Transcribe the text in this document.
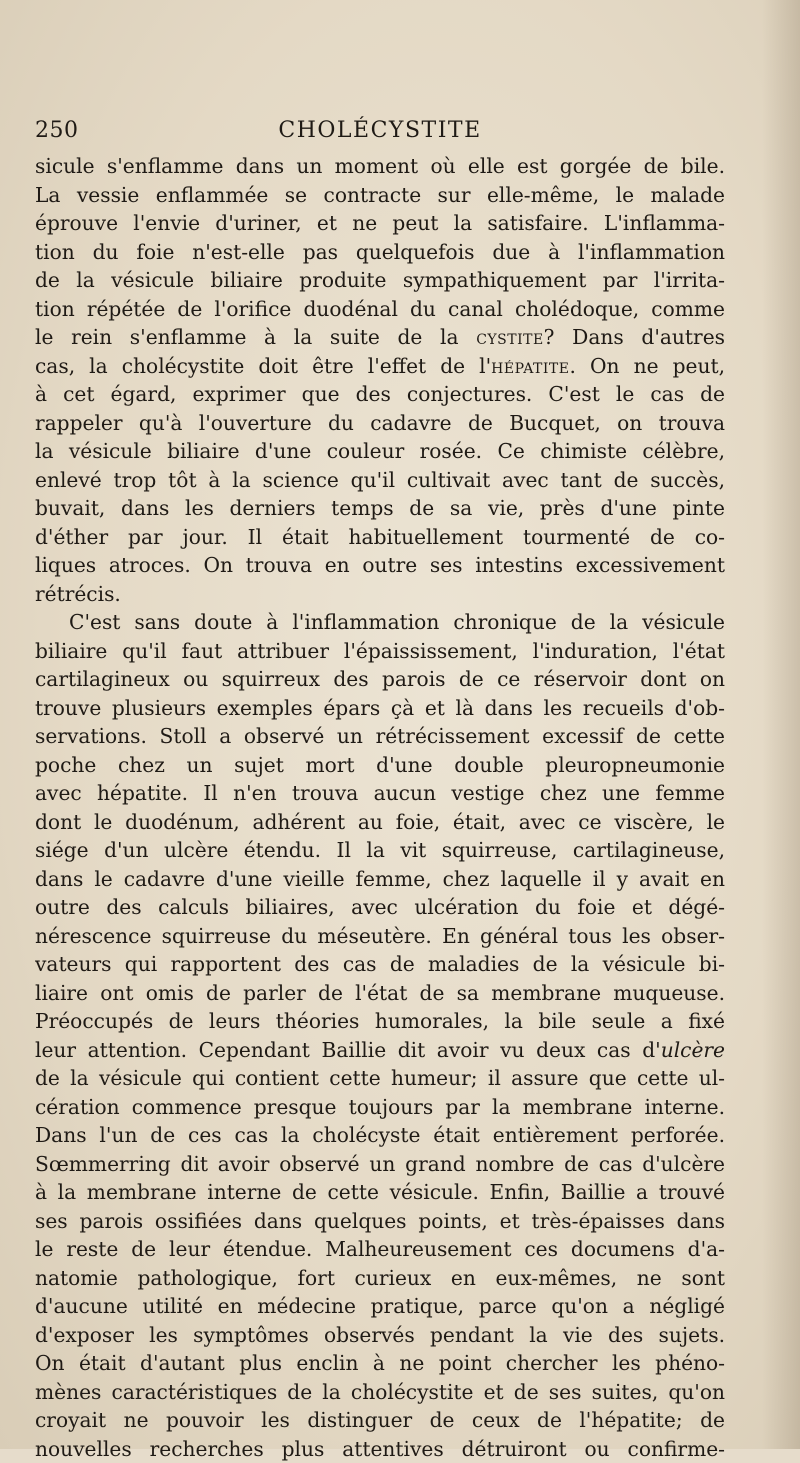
250	CHOLÉCYSTITE
sicule s'enflamme dans un moment où elle est gorgée de bile.
La vessie enflammée se contracte sur elle-même, le malade
éprouve l'envie d'uriner, et ne peut la satisfaire. L'inflamma-
tion du foie n'est-elle pas quelquefois due à l'inflammation
de la vésicule biliaire produite sympathiquement par l'irrita-
tion répétée de l'orifice duodénal du canal cholédoque, comme
le rein s'enflamme à la suite de la cystite? Dans d'autres
cas, la cholécystite doit être l'effet de l'hépatite. On ne peut,
à cet égard, exprimer que des conjectures. C'est le cas de
rappeler qu'à l'ouverture du cadavre de Bucquet, on trouva
la vésicule biliaire d'une couleur rosée. Ce chimiste célèbre,
enlevé trop tôt à la science qu'il cultivait avec tant de succès,
buvait, dans les derniers temps de sa vie, près d'une pinte
d'éther par jour. Il était habituellement tourmenté de co-
liques atroces. On trouva en outre ses intestins excessivement
rétrécis.
C'est sans doute à l'inflammation chronique de la vésicule
biliaire qu'il faut attribuer l'épaississement, l'induration, l'état
cartilagineux ou squirreux des parois de ce réservoir dont on
trouve plusieurs exemples épars çà et là dans les recueils d'ob-
servations. Stoll a observé un rétrécissement excessif de cette
poche chez un sujet mort d'une double pleuropneumonie
avec hépatite. Il n'en trouva aucun vestige chez une femme
dont le duodénum, adhérent au foie, était, avec ce viscère, le
siége d'un ulcère étendu. Il la vit squirreuse, cartilagineuse,
dans le cadavre d'une vieille femme, chez laquelle il y avait en
outre des calculs biliaires, avec ulcération du foie et dégé-
nérescence squirreuse du méseutère. En général tous les obser-
vateurs qui rapportent des cas de maladies de la vésicule bi-
liaire ont omis de parler de l'état de sa membrane muqueuse.
Préoccupés de leurs théories humorales, la bile seule a fixé
leur attention. Cependant Baillie dit avoir vu deux cas d'ulcère
de la vésicule qui contient cette humeur; il assure que cette ul-
cération commence presque toujours par la membrane interne.
Dans l'un de ces cas la cholécyste était entièrement perforée.
Sœmmerring dit avoir observé un grand nombre de cas d'ulcère
à la membrane interne de cette vésicule. Enfin, Baillie a trouvé
ses parois ossifiées dans quelques points, et très-épaisses dans
le reste de leur étendue. Malheureusement ces documens d'a-
natomie pathologique, fort curieux en eux-mêmes, ne sont
d'aucune utilité en médecine pratique, parce qu'on a négligé
d'exposer les symptômes observés pendant la vie des sujets.
On était d'autant plus enclin à ne point chercher les phéno-
mènes caractéristiques de la cholécystite et de ses suites, qu'on
croyait ne pouvoir les distinguer de ceux de l'hépatite; de
nouvelles recherches plus attentives détruiront ou confirme-
